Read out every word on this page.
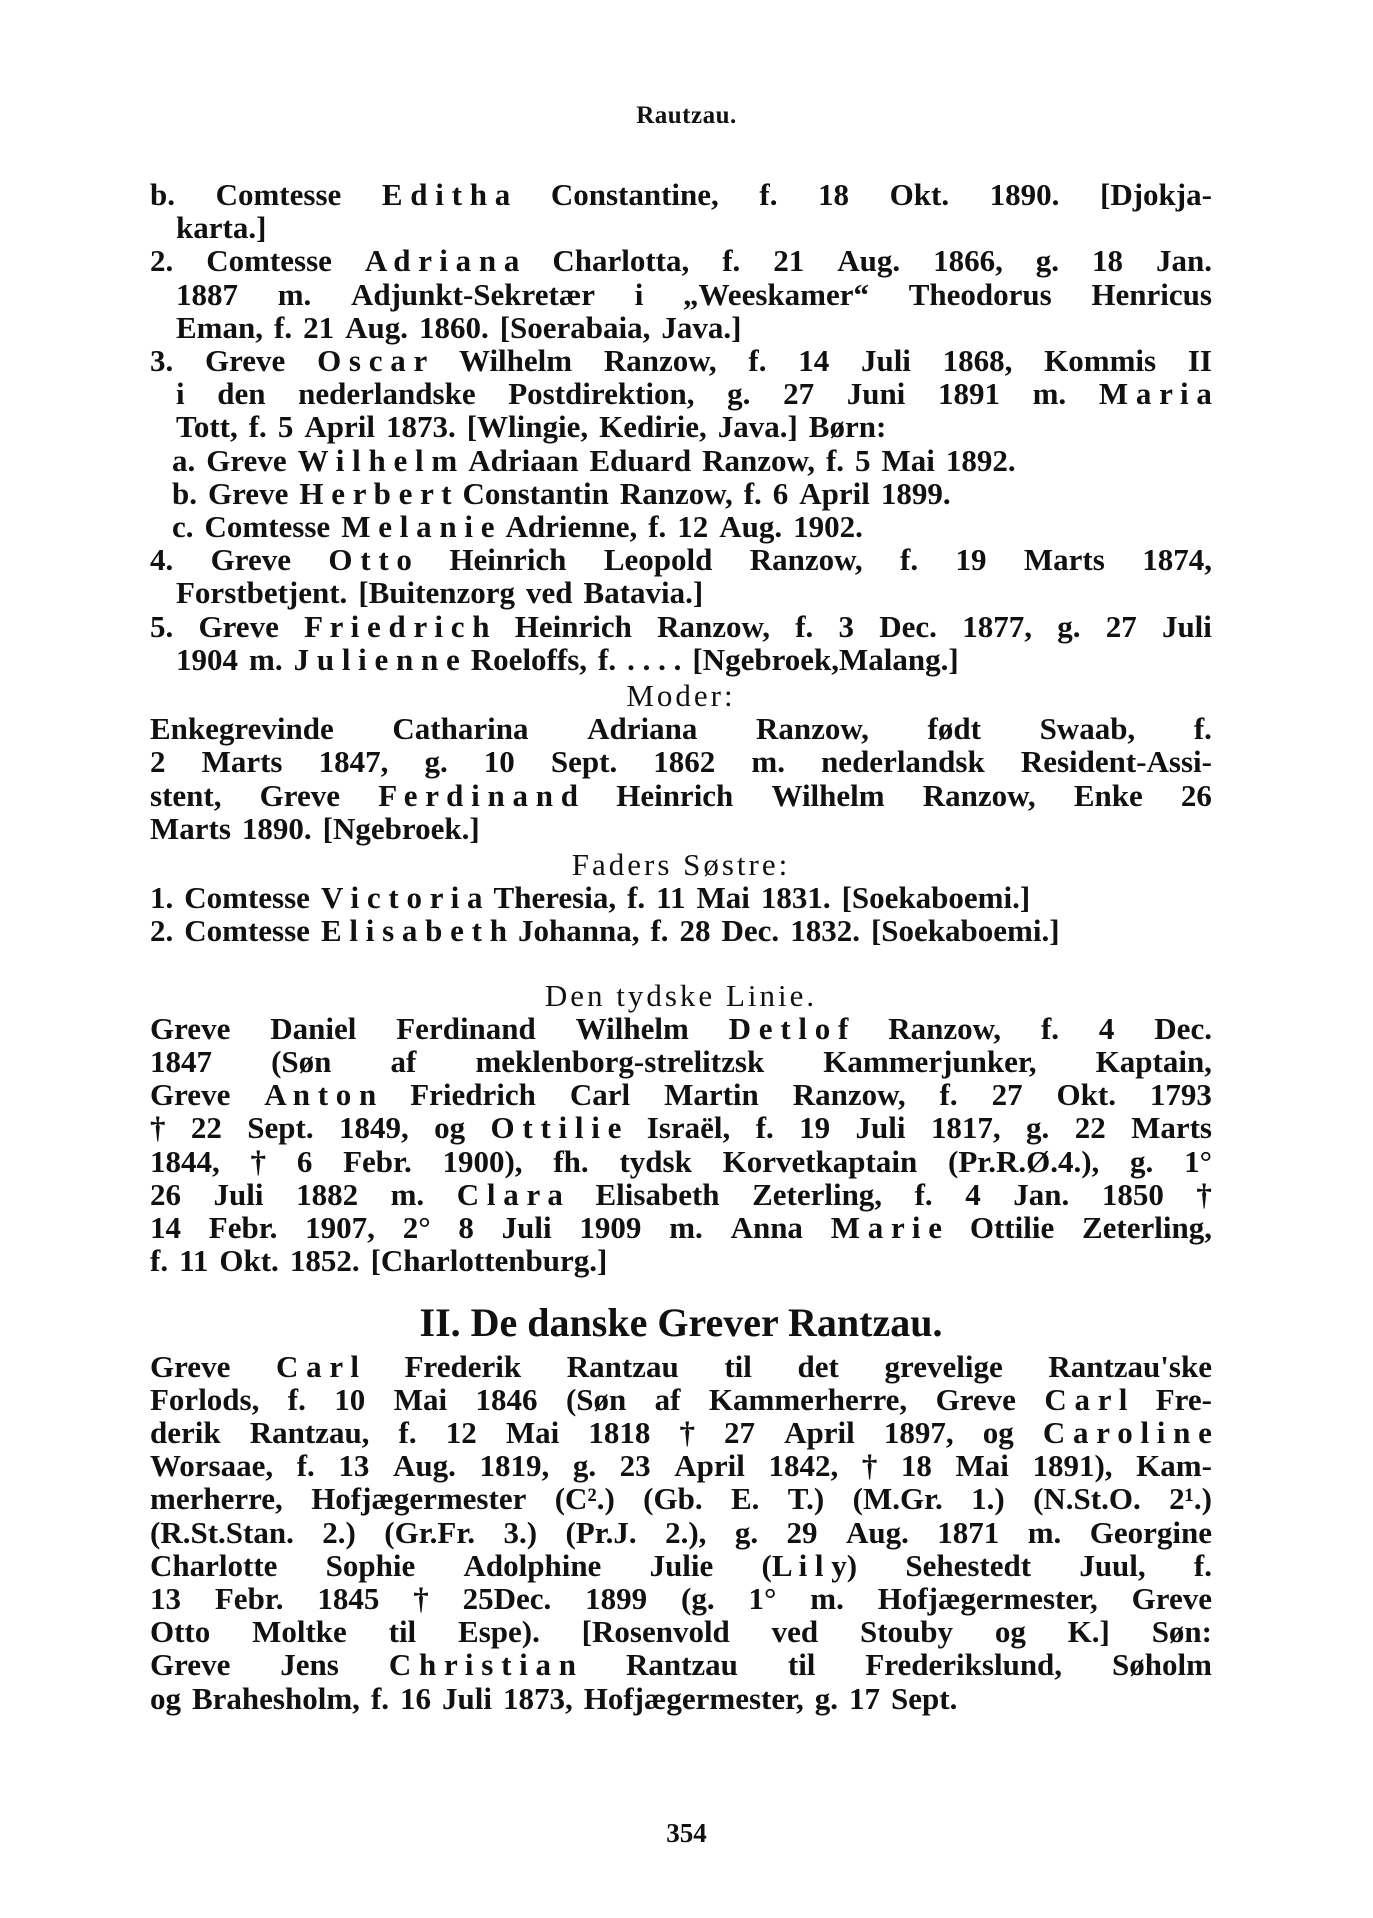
Rautzau.
b. Comtesse E d i t h a Constantine, f. 18 Okt. 1890. [Djokja-
karta.]
2. Comtesse A d r i a n a Charlotta, f. 21 Aug. 1866, g. 18 Jan.
1887 m. Adjunkt-Sekretær i „Weeskamer“ Theodorus Henricus
Eman, f. 21 Aug. 1860. [Soerabaia, Java.]
3. Greve O s c a r Wilhelm Ranzow, f. 14 Juli 1868, Kommis II
i den nederlandske Postdirektion, g. 27 Juni 1891 m. M a r i a
Tott, f. 5 April 1873. [Wlingie, Kedirie, Java.] Børn:
a. Greve W i l h e l m Adriaan Eduard Ranzow, f. 5 Mai 1892.
b. Greve H e r b e r t Constantin Ranzow, f. 6 April 1899.
c. Comtesse M e l a n i e Adrienne, f. 12 Aug. 1902.
4. Greve O t t o Heinrich Leopold Ranzow, f. 19 Marts 1874,
Forstbetjent. [Buitenzorg ved Batavia.]
5. Greve F r i e d r i c h Heinrich Ranzow, f. 3 Dec. 1877, g. 27 Juli
1904 m. J u l i e n n e Roeloffs, f. . . . . [Ngebroek,Malang.]
Moder:
Enkegrevinde Catharina Adriana Ranzow, født Swaab, f.
2 Marts 1847, g. 10 Sept. 1862 m. nederlandsk Resident-Assi-
stent, Greve F e r d i n a n d Heinrich Wilhelm Ranzow, Enke 26
Marts 1890. [Ngebroek.]
Faders Søstre:
1. Comtesse V i c t o r i a Theresia, f. 11 Mai 1831. [Soekaboemi.]
2. Comtesse E l i s a b e t h Johanna, f. 28 Dec. 1832. [Soekaboemi.]
Den tydske Linie.
Greve Daniel Ferdinand Wilhelm D e t l o f Ranzow, f. 4 Dec.
1847 (Søn af meklenborg-strelitzsk Kammerjunker, Kaptain,
Greve A n t o n Friedrich Carl Martin Ranzow, f. 27 Okt. 1793
† 22 Sept. 1849, og O t t i l i e Israël, f. 19 Juli 1817, g. 22 Marts
1844, † 6 Febr. 1900), fh. tydsk Korvetkaptain (Pr.R.Ø.4.), g. 1°
26 Juli 1882 m. C l a r a Elisabeth Zeterling, f. 4 Jan. 1850 †
14 Febr. 1907, 2° 8 Juli 1909 m. Anna M a r i e Ottilie Zeterling,
f. 11 Okt. 1852. [Charlottenburg.]
II. De danske Grever Rantzau.
Greve C a r l Frederik Rantzau til det grevelige Rantzau'ske
Forlods, f. 10 Mai 1846 (Søn af Kammerherre, Greve C a r l Fre-
derik Rantzau, f. 12 Mai 1818 † 27 April 1897, og C a r o l i n e
Worsaae, f. 13 Aug. 1819, g. 23 April 1842, † 18 Mai 1891), Kam-
merherre, Hofjægermester (C².) (Gb. E. T.) (M.Gr. 1.) (N.St.O. 2¹.)
(R.St.Stan. 2.) (Gr.Fr. 3.) (Pr.J. 2.), g. 29 Aug. 1871 m. Georgine
Charlotte Sophie Adolphine Julie (L i l y) Sehestedt Juul, f.
13 Febr. 1845 † 25Dec. 1899 (g. 1° m. Hofjægermester, Greve
Otto Moltke til Espe). [Rosenvold ved Stouby og K.] Søn:
Greve Jens C h r i s t i a n Rantzau til Frederikslund, Søholm
og Brahesholm, f. 16 Juli 1873, Hofjægermester, g. 17 Sept.
354
